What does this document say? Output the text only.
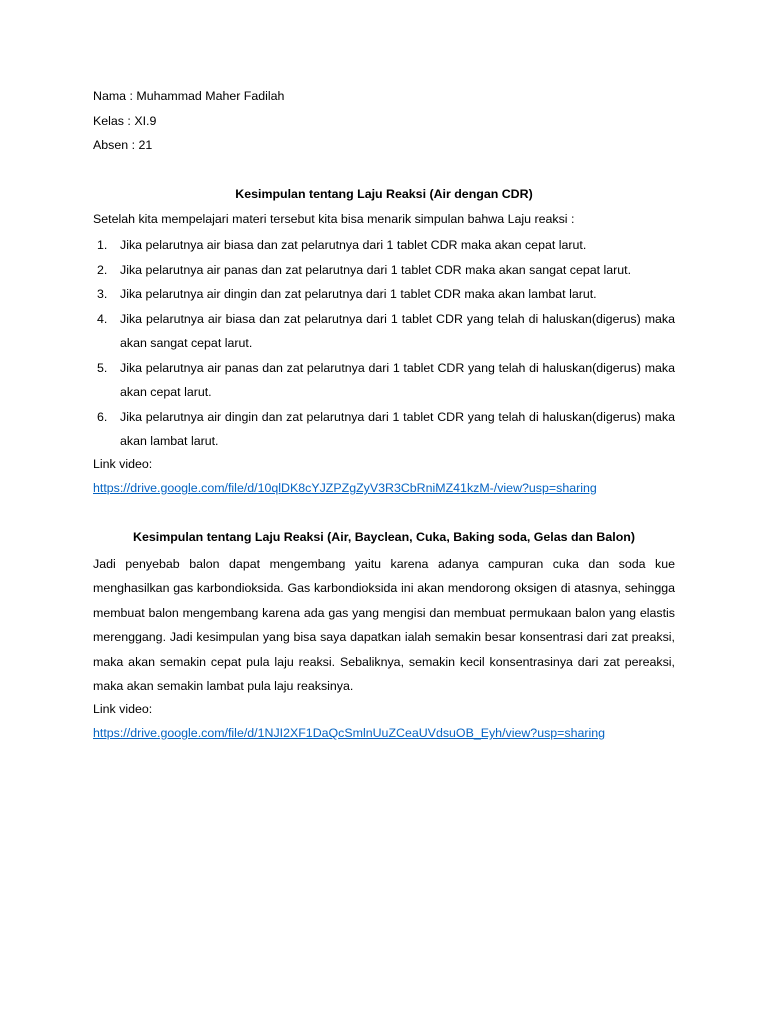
Nama : Muhammad Maher Fadilah
Kelas : XI.9
Absen : 21
Kesimpulan tentang Laju Reaksi (Air dengan CDR)
Setelah kita mempelajari materi tersebut kita bisa menarik simpulan bahwa Laju reaksi :
1. Jika pelarutnya air biasa dan zat pelarutnya dari 1 tablet CDR maka akan cepat larut.
2. Jika pelarutnya air panas dan zat pelarutnya dari 1 tablet CDR maka akan sangat cepat larut.
3. Jika pelarutnya air dingin dan zat pelarutnya dari 1 tablet CDR maka akan lambat larut.
4. Jika pelarutnya air biasa dan zat pelarutnya dari 1 tablet CDR yang telah di haluskan(digerus) maka akan sangat cepat larut.
5. Jika pelarutnya air panas dan zat pelarutnya dari 1 tablet CDR yang telah di haluskan(digerus) maka akan cepat larut.
6. Jika pelarutnya air dingin dan zat pelarutnya dari 1 tablet CDR yang telah di haluskan(digerus) maka akan lambat larut.
Link video:
https://drive.google.com/file/d/10qlDK8cYJZPZgZyV3R3CbRniMZ41kzM-/view?usp=sharing
Kesimpulan tentang Laju Reaksi (Air, Bayclean, Cuka, Baking soda, Gelas dan Balon)

Jadi penyebab balon dapat mengembang yaitu karena adanya campuran cuka dan soda kue menghasilkan gas karbondioksida. Gas karbondioksida ini akan mendorong oksigen di atasnya, sehingga membuat balon mengembang karena ada gas yang mengisi dan membuat permukaan balon yang elastis merenggang. Jadi kesimpulan yang bisa saya dapatkan ialah semakin besar konsentrasi dari zat preaksi, maka akan semakin cepat pula laju reaksi. Sebaliknya, semakin kecil konsentrasinya dari zat pereaksi, maka akan semakin lambat pula laju reaksinya.

Link video:
https://drive.google.com/file/d/1NJI2XF1DaQcSmlnUuZCeaUVdsuOB_Eyh/view?usp=sharing
